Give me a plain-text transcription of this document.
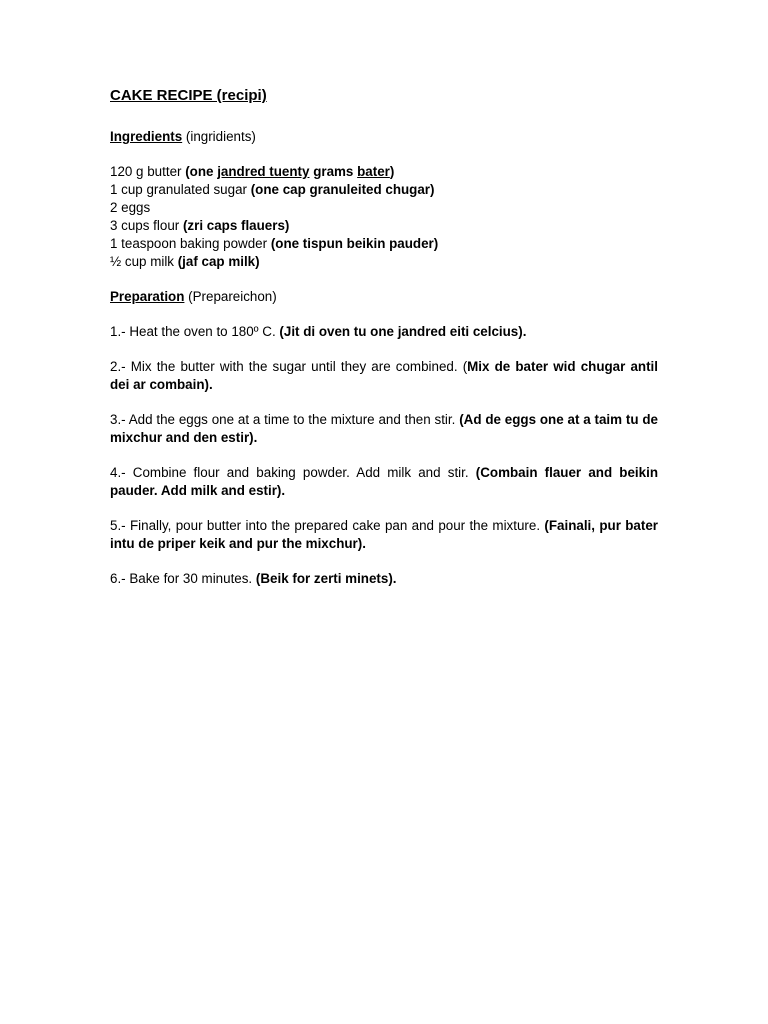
CAKE RECIPE (recipi)
Ingredients (ingridients)
120 g butter (one jandred tuenty grams bater)
1 cup granulated sugar (one cap granuleited chugar)
2 eggs
3 cups flour (zri caps flauers)
1 teaspoon baking powder (one tispun beikin pauder)
½ cup milk (jaf cap milk)
Preparation (Prepareichon)
1.- Heat the oven to 180º C. (Jit di oven tu one jandred eiti celcius).
2.- Mix the butter with the sugar until they are combined. (Mix de bater wid chugar antil dei ar combain).
3.- Add the eggs one at a time to the mixture and then stir. (Ad de eggs one at a taim tu de mixchur and den estir).
4.- Combine flour and baking powder. Add milk and stir. (Combain flauer and beikin pauder. Add milk and estir).
5.- Finally, pour butter into the prepared cake pan and pour the mixture. (Fainali, pur bater intu de priper keik and pur the mixchur).
6.- Bake for 30 minutes. (Beik for zerti minets).
